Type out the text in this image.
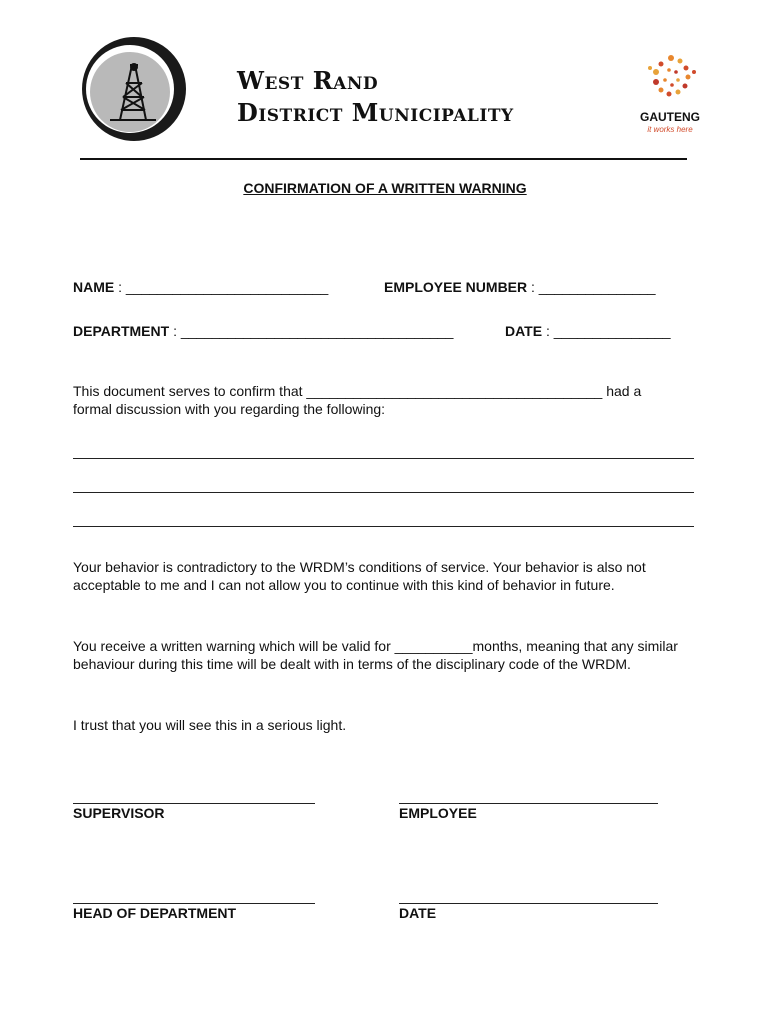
West Rand
District Municipality	GAUTENG
it works here
CONFIRMATION OF A WRITTEN WARNING
NAME : __________________________	EMPLOYEE NUMBER : _______________
DEPARTMENT : ___________________________________	DATE : _______________
This document serves to confirm that ______________________________________ had a
formal discussion with you regarding the following:
Your behavior is contradictory to the WRDM’s conditions of service. Your behavior is also not acceptable to me and I can not allow you to continue with this kind of behavior in future.
You receive a written warning which will be valid for __________months, meaning that any similar behaviour during this time will be dealt with in terms of the disciplinary code of the WRDM.
I trust that you will see this in a serious light.
SUPERVISOR	EMPLOYEE
HEAD OF DEPARTMENT	DATE
